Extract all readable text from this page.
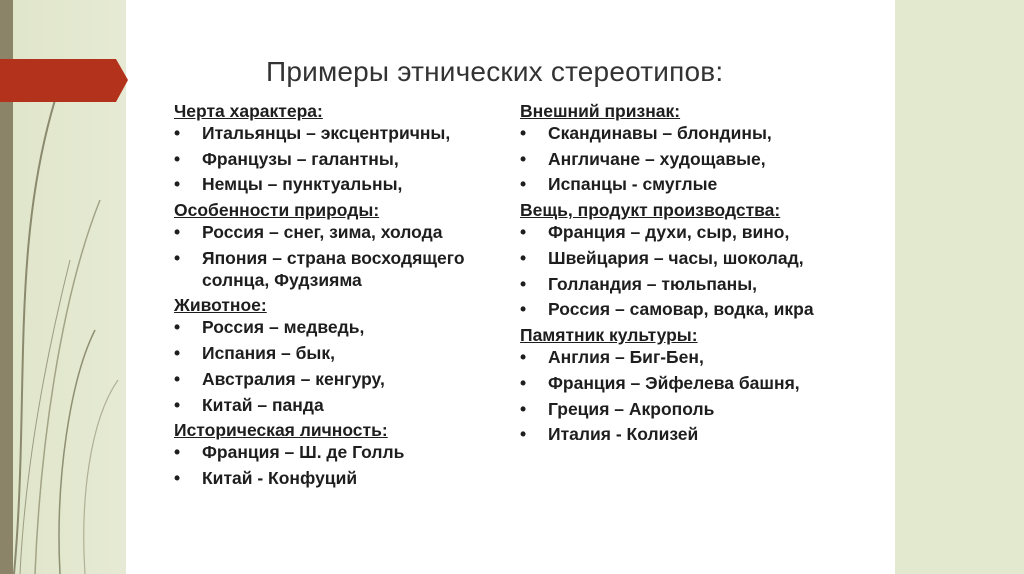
Примеры этнических стереотипов:
Черта характера:
• Итальянцы – эксцентричны,
• Французы – галантны,
• Немцы – пунктуальны,
Особенности природы:
• Россия – снег, зима, холода
• Япония – страна восходящего солнца, Фудзияма
Животное:
• Россия – медведь,
• Испания – бык,
• Австралия – кенгуру,
• Китай – панда
Историческая личность:
• Франция – Ш. де Голль
• Китай - Конфуций
Внешний признак:
• Скандинавы – блондины,
• Англичане – худощавые,
• Испанцы - смуглые
Вещь, продукт производства:
• Франция – духи, сыр, вино,
• Швейцария – часы, шоколад,
• Голландия – тюльпаны,
• Россия – самовар, водка, икра
Памятник культуры:
• Англия – Биг-Бен,
• Франция – Эйфелева башня,
• Греция – Акрополь
• Италия - Колизей
